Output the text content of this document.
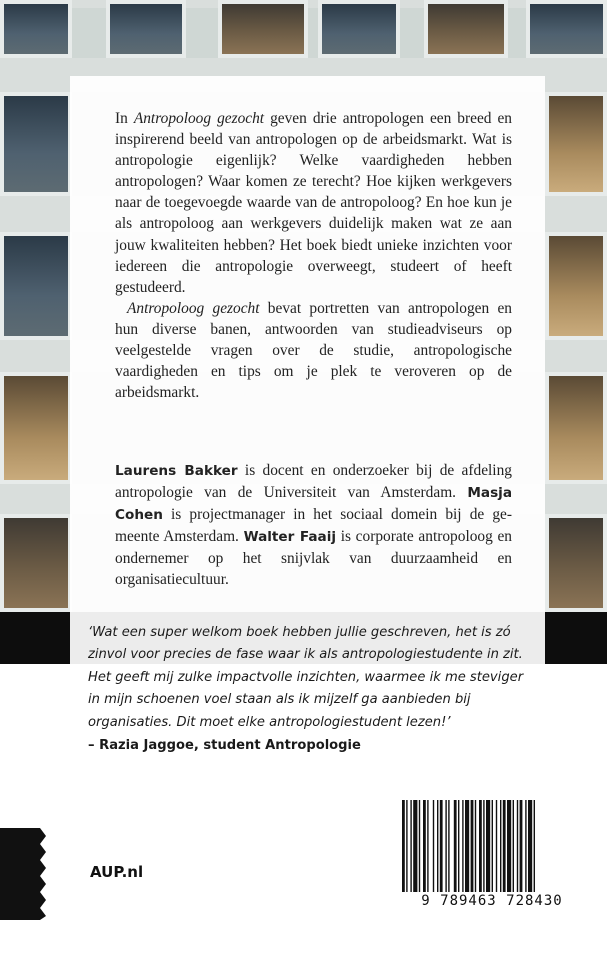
In Antropoloog gezocht geven drie antropologen een breed en inspirerend beeld van antropologen op de arbeidsmarkt. Wat is antropologie eigenlijk? Welke vaardigheden hebben antropologen? Waar komen ze terecht? Hoe kijken werkgevers naar de toegevoegde waarde van de antropoloog? En hoe kun je als antropoloog aan werkgevers duidelijk maken wat ze aan jouw kwaliteiten hebben? Het boek biedt unieke inzichten voor iedereen die antropologie overweegt, studeert of heeft gestudeerd.

Antropoloog gezocht bevat portretten van antropologen en hun diverse banen, antwoorden van studieadviseurs op veelgestelde vragen over de studie, antropologische vaardigheden en tips om je plek te veroveren op de arbeidsmarkt.

Laurens Bakker is docent en onderzoeker bij de afdeling antropologie van de Universiteit van Amsterdam. Masja Cohen is projectmanager in het sociaal domein bij de gemeente Amsterdam. Walter Faaij is corporate antropoloog en ondernemer op het snijvlak van duurzaamheid en organisatiecultuur.
‘Wat een super welkom boek hebben jullie geschreven, het is zó zinvol voor precies de fase waar ik als antropologiestudente in zit. Het geeft mij zulke impactvolle inzichten, waarmee ik me steviger in mijn schoenen voel staan als ik mijzelf ga aanbieden bij organisaties. Dit moet elke antropologiestudent lezen!’
– Razia Jaggoe, student Antropologie
AUP.nl
9 789463 728430
